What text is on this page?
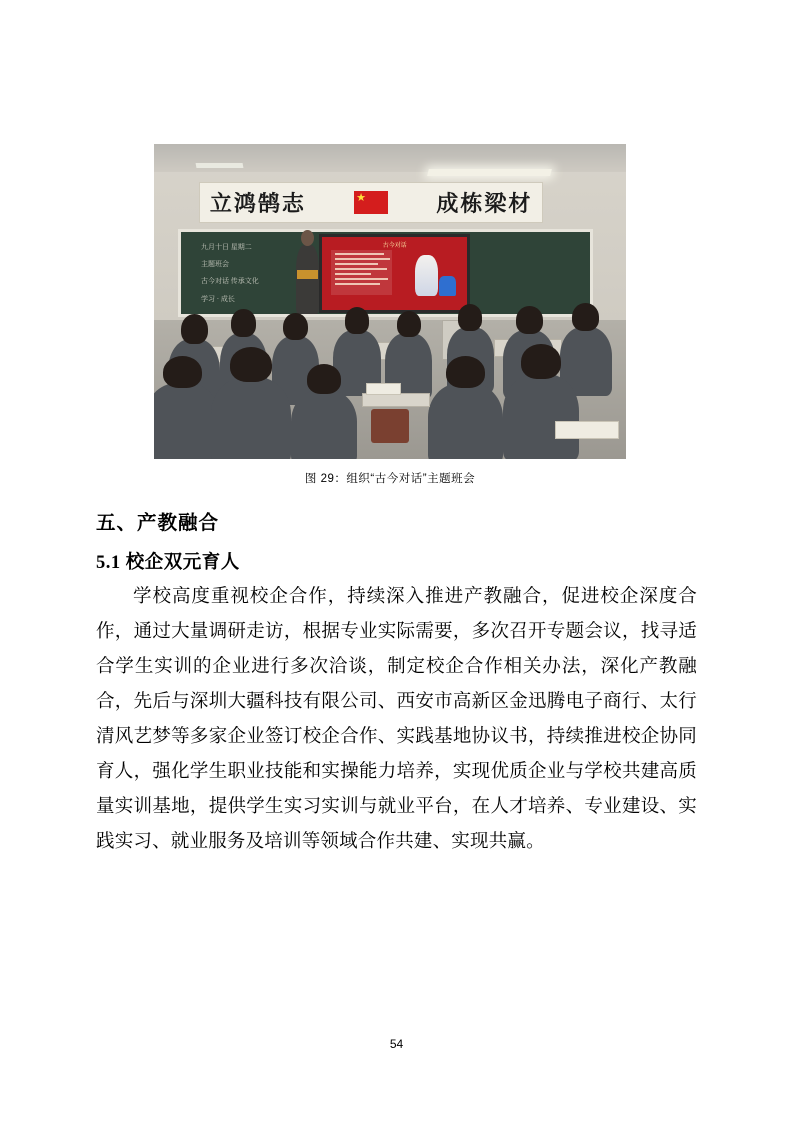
九月十日 星期二
主题班会
古今对话 传承文化
学习 · 成长
立鸿鹄志 ★	成栋梁材
古今对话
图 29：组织“古今对话”主题班会
五、产教融合
5.1 校企双元育人

学校高度重视校企合作，持续深入推进产教融合，促进校企深度合作，通过大量调研走访，根据专业实际需要，多次召开专题会议，找寻适合学生实训的企业进行多次洽谈，制定校企合作相关办法，深化产教融合，先后与深圳大疆科技有限公司、西安市高新区金迅腾电子商行、太行清风艺梦等多家企业签订校企合作、实践基地协议书，持续推进校企协同育人，强化学生职业技能和实操能力培养，实现优质企业与学校共建高质量实训基地，提供学生实习实训与就业平台，在人才培养、专业建设、实践实习、就业服务及培训等领域合作共建、实现共赢。

54
